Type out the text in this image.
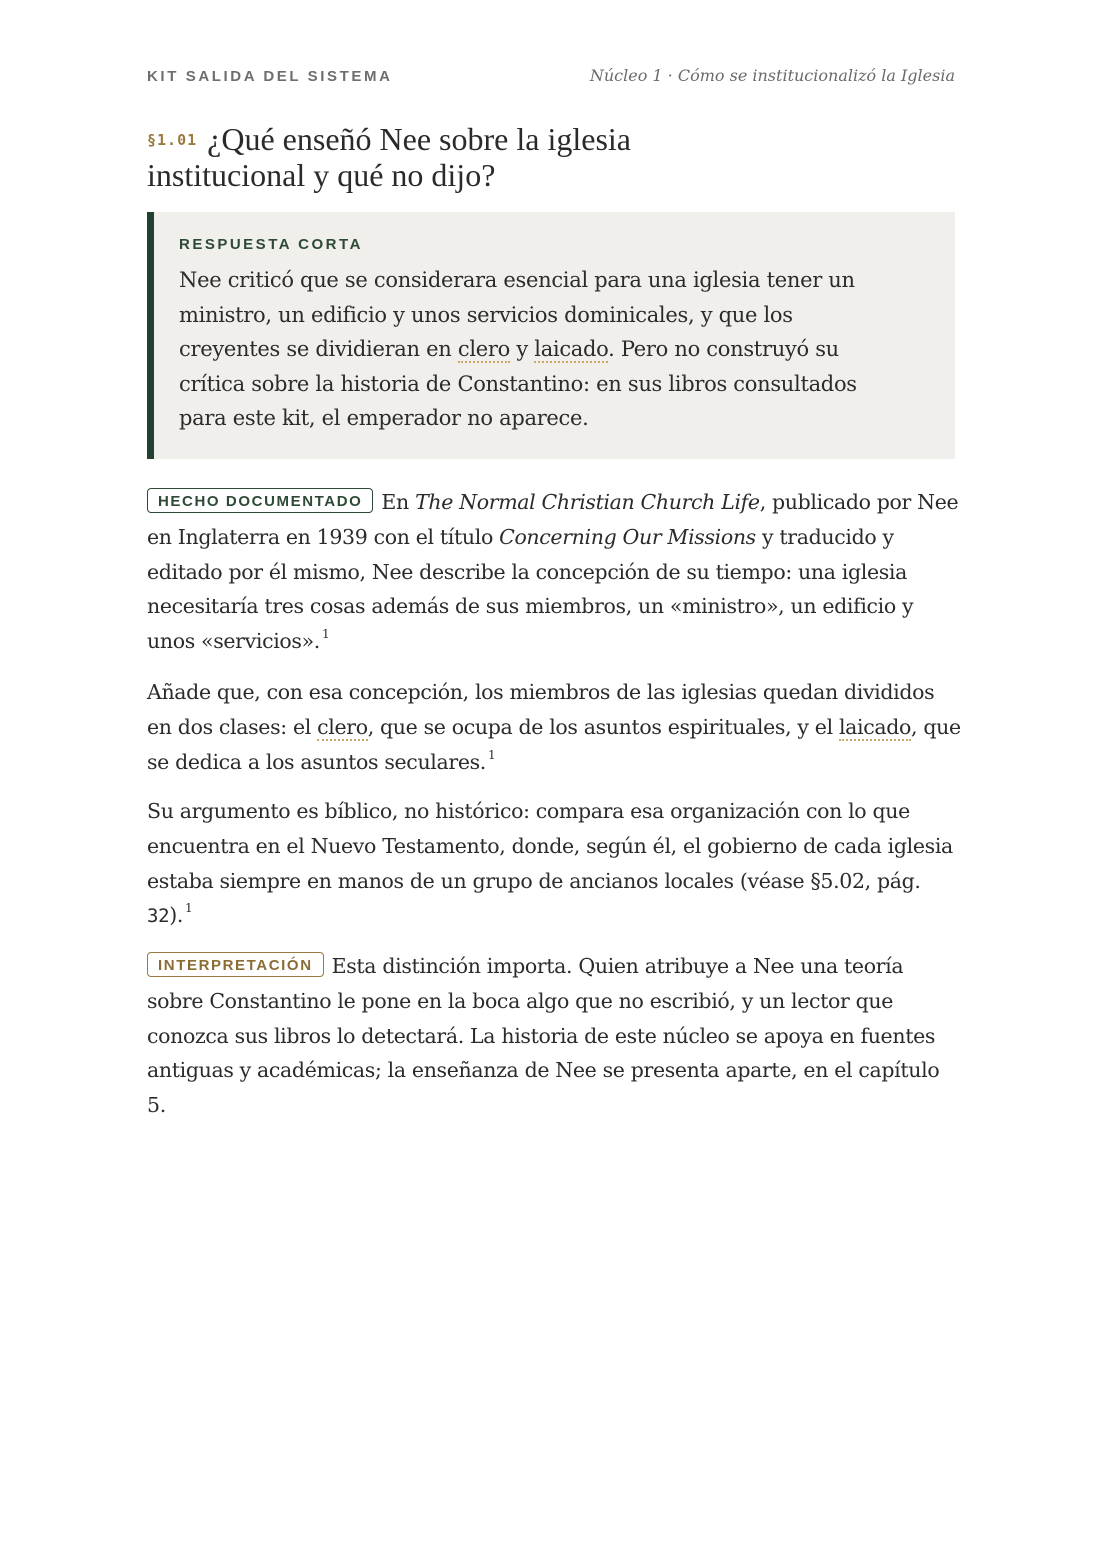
KIT SALIDA DEL SISTEMA	Núcleo 1 · Cómo se institucionalizó la Iglesia
§1.01 ¿Qué enseñó Nee sobre la iglesia institucional y qué no dijo?
RESPUESTA CORTA
Nee criticó que se considerara esencial para una iglesia tener un ministro, un edificio y unos servicios dominicales, y que los creyentes se dividieran en clero y laicado. Pero no construyó su crítica sobre la historia de Constantino: en sus libros consultados para este kit, el emperador no aparece.

HECHO DOCUMENTADO En The Normal Christian Church Life, publicado por Nee en Inglaterra en 1939 con el título Concerning Our Missions y traducido y editado por él mismo, Nee describe la concepción de su tiempo: una iglesia necesitaría tres cosas además de sus miembros, un «ministro», un edificio y unos «servicios». $^1$

Añade que, con esa concepción, los miembros de las iglesias quedan divididos en dos clases: el clero, que se ocupa de los asuntos espirituales, y el laicado, que se dedica a los asuntos seculares. $^1$

Su argumento es bíblico, no histórico: compara esa organización con lo que encuentra en el Nuevo Testamento, donde, según él, el gobierno de cada iglesia estaba siempre en manos de un grupo de ancianos locales (véase §5.02, pág. 32). $^1$

INTERPRETACIÓN Esta distinción importa. Quien atribuye a Nee una teoría sobre Constantino le pone en la boca algo que no escribió, y un lector que conozca sus libros lo detectará. La historia de este núcleo se apoya en fuentes antiguas y académicas; la enseñanza de Nee se presenta aparte, en el capítulo 5.
